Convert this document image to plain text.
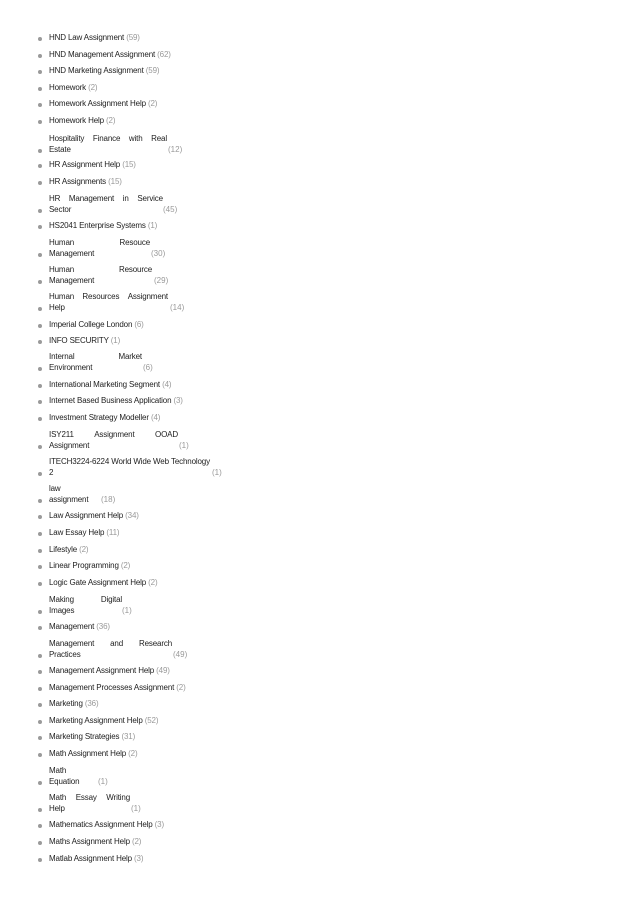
HND Law Assignment (59)
HND Management Assignment (62)
HND Marketing Assignment (59)
Homework (2)
Homework Assignment Help (2)
Homework Help (2)
Hospitality Finance with Real
Estate	(12)
HR Assignment Help (15)
HR Assignments (15)
HR Management in Service
Sector	(45)
HS2041 Enterprise Systems (1)
Human	Resouce
Management	(30)
Human	Resource
Management	(29)
Human Resources Assignment
Help	(14)
Imperial College London (6)
INFO SECURITY (1)
Internal	Market
Environment	(6)
International Marketing Segment (4)
Internet Based Business Application (3)
Investment Strategy Modeller (4)
ISY211	Assignment	OOAD
Assignment	(1)
ITECH3224-6224 World Wide Web Technology
2	(1)
law
assignment (18)
Law Assignment Help (34)
Law Essay Help (11)
Lifestyle (2)
Linear Programming (2)
Logic Gate Assignment Help (2)
Making	Digital
Images	(1)
Management (36)
Management and Research
Practices	(49)
Management Assignment Help (49)
Management Processes Assignment (2)
Marketing (36)
Marketing Assignment Help (52)
Marketing Strategies (31)
Math Assignment Help (2)
Math
Equation (1)
Math Essay Writing
Help	(1)
Mathematics Assignment Help (3)
Maths Assignment Help (2)
Matlab Assignment Help (3)
